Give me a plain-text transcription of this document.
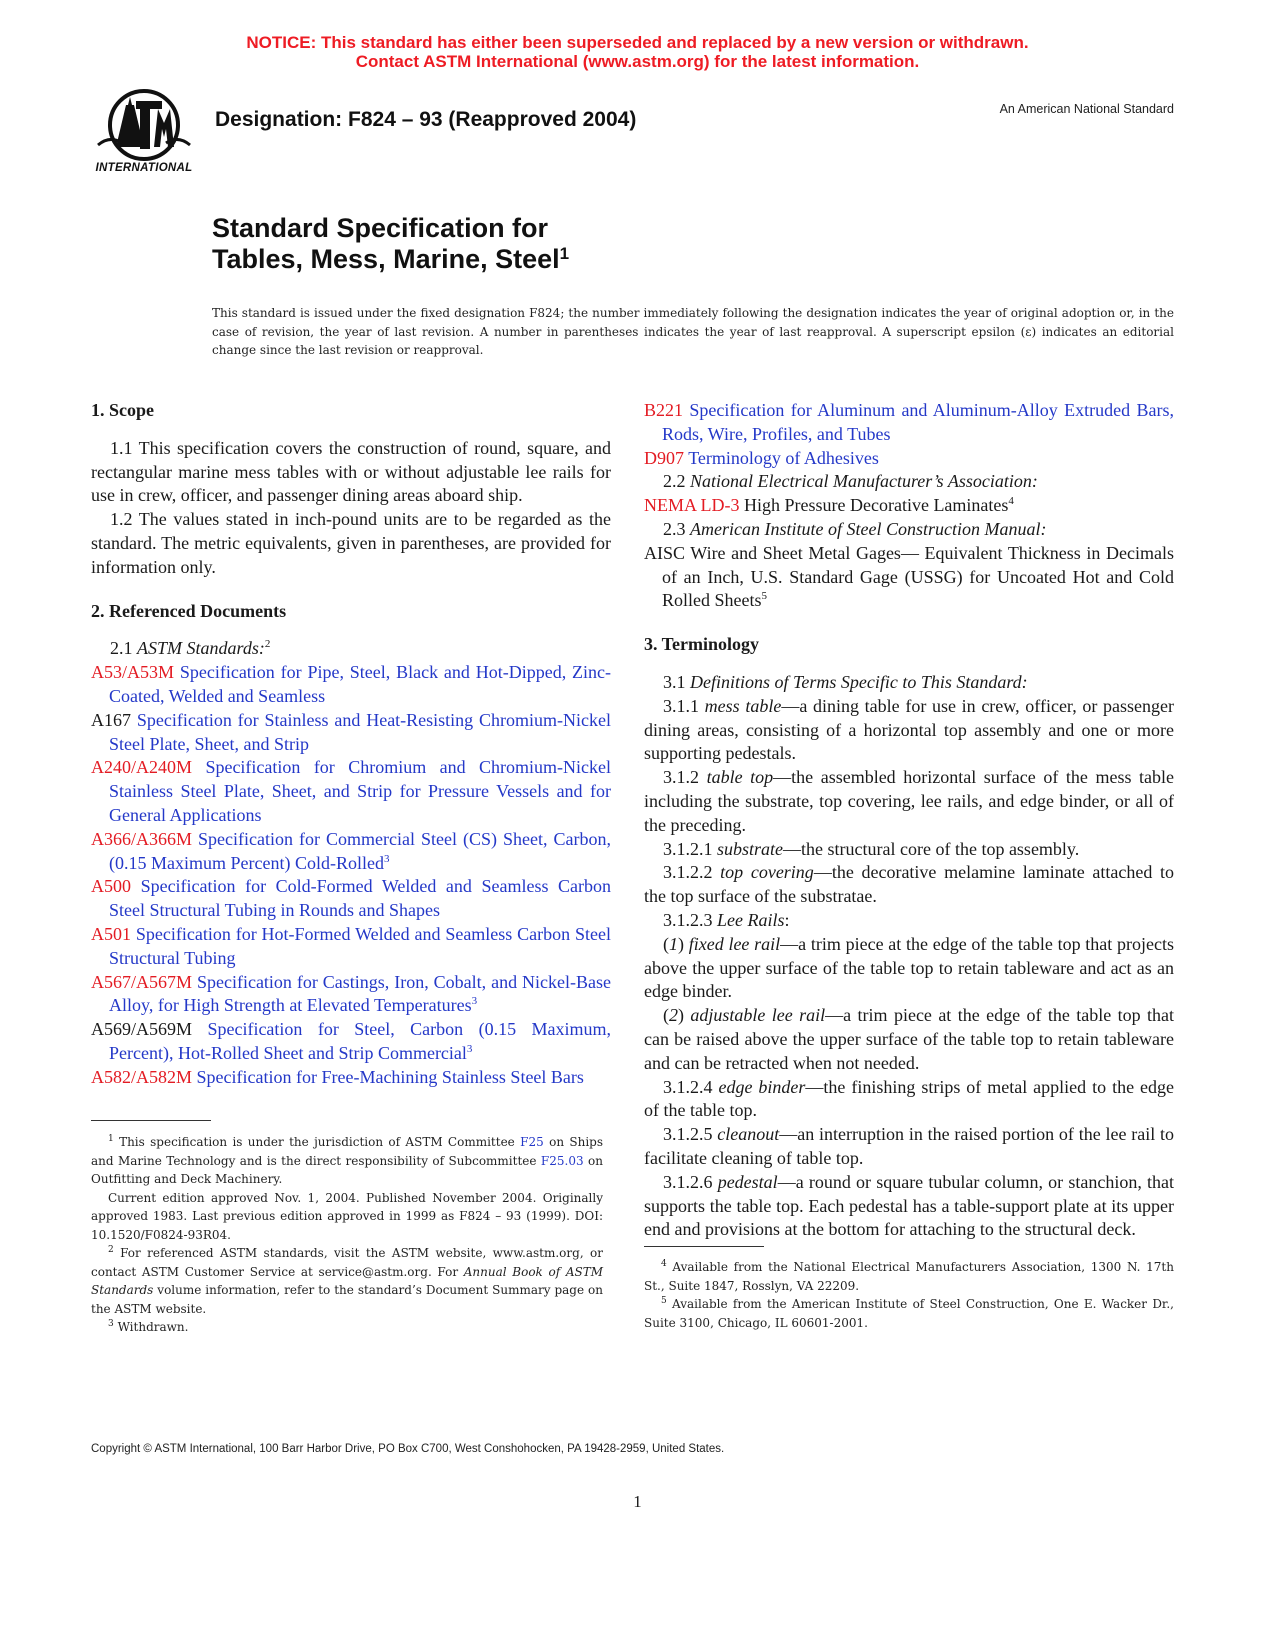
NOTICE: This standard has either been superseded and replaced by a new version or withdrawn.
Contact ASTM International (www.astm.org) for the latest information.
INTERNATIONAL
Designation: F824 – 93 (Reapproved 2004)	An American National Standard
Standard Specification for
Tables, Mess, Marine, Steel$^1$
This standard is issued under the fixed designation F824; the number immediately following the designation indicates the year of original adoption or, in the case of revision, the year of last revision. A number in parentheses indicates the year of last reapproval. A superscript epsilon (ε) indicates an editorial change since the last revision or reapproval.
1. Scope

1.1 This specification covers the construction of round, square, and rectangular marine mess tables with or without adjustable lee rails for use in crew, officer, and passenger dining areas aboard ship.

1.2 The values stated in inch-pound units are to be regarded as the standard. The metric equivalents, given in parentheses, are provided for information only.

2. Referenced Documents

2.1 ASTM Standards:$^2$

A53/A53M Specification for Pipe, Steel, Black and Hot-Dipped, Zinc-Coated, Welded and Seamless

A167 Specification for Stainless and Heat-Resisting Chromium-Nickel Steel Plate, Sheet, and Strip

A240/A240M Specification for Chromium and Chromium-Nickel Stainless Steel Plate, Sheet, and Strip for Pressure Vessels and for General Applications

A366/A366M Specification for Commercial Steel (CS) Sheet, Carbon, (0.15 Maximum Percent) Cold-Rolled$^3$

A500 Specification for Cold-Formed Welded and Seamless Carbon Steel Structural Tubing in Rounds and Shapes

A501 Specification for Hot-Formed Welded and Seamless Carbon Steel Structural Tubing

A567/A567M Specification for Castings, Iron, Cobalt, and Nickel-Base Alloy, for High Strength at Elevated Temperatures$^3$

A569/A569M Specification for Steel, Carbon (0.15 Maximum, Percent), Hot-Rolled Sheet and Strip Commercial$^3$

A582/A582M Specification for Free-Machining Stainless Steel Bars

B221 Specification for Aluminum and Aluminum-Alloy Extruded Bars, Rods, Wire, Profiles, and Tubes

D907 Terminology of Adhesives

2.2 National Electrical Manufacturer’s Association:

NEMA LD-3 High Pressure Decorative Laminates$^4$

2.3 American Institute of Steel Construction Manual:

AISC Wire and Sheet Metal Gages— Equivalent Thickness in Decimals of an Inch, U.S. Standard Gage (USSG) for Uncoated Hot and Cold Rolled Sheets$^5$

3. Terminology

3.1 Definitions of Terms Specific to This Standard:

3.1.1 mess table—a dining table for use in crew, officer, or passenger dining areas, consisting of a horizontal top assembly and one or more supporting pedestals.

3.1.2 table top—the assembled horizontal surface of the mess table including the substrate, top covering, lee rails, and edge binder, or all of the preceding.

3.1.2.1 substrate—the structural core of the top assembly.

3.1.2.2 top covering—the decorative melamine laminate attached to the top surface of the substratae.

3.1.2.3 Lee Rails:

(1) fixed lee rail—a trim piece at the edge of the table top that projects above the upper surface of the table top to retain tableware and act as an edge binder.

(2) adjustable lee rail—a trim piece at the edge of the table top that can be raised above the upper surface of the table top to retain tableware and can be retracted when not needed.

3.1.2.4 edge binder—the finishing strips of metal applied to the edge of the table top.

3.1.2.5 cleanout—an interruption in the raised portion of the lee rail to facilitate cleaning of table top.

3.1.2.6 pedestal—a round or square tubular column, or stanchion, that supports the table top. Each pedestal has a table-support plate at its upper end and provisions at the bottom for attaching to the structural deck.

$^1$ This specification is under the jurisdiction of ASTM Committee F25 on Ships and Marine Technology and is the direct responsibility of Subcommittee F25.03 on Outfitting and Deck Machinery.

Current edition approved Nov. 1, 2004. Published November 2004. Originally approved 1983. Last previous edition approved in 1999 as F824 – 93 (1999). DOI: 10.1520/F0824-93R04.

$^2$ For referenced ASTM standards, visit the ASTM website, www.astm.org, or contact ASTM Customer Service at service@astm.org. For Annual Book of ASTM Standards volume information, refer to the standard’s Document Summary page on the ASTM website.

$^3$ Withdrawn.

$^4$ Available from the National Electrical Manufacturers Association, 1300 N. 17th St., Suite 1847, Rosslyn, VA 22209.

$^5$ Available from the American Institute of Steel Construction, One E. Wacker Dr., Suite 3100, Chicago, IL 60601-2001.

Copyright © ASTM International, 100 Barr Harbor Drive, PO Box C700, West Conshohocken, PA 19428-2959, United States.
1
